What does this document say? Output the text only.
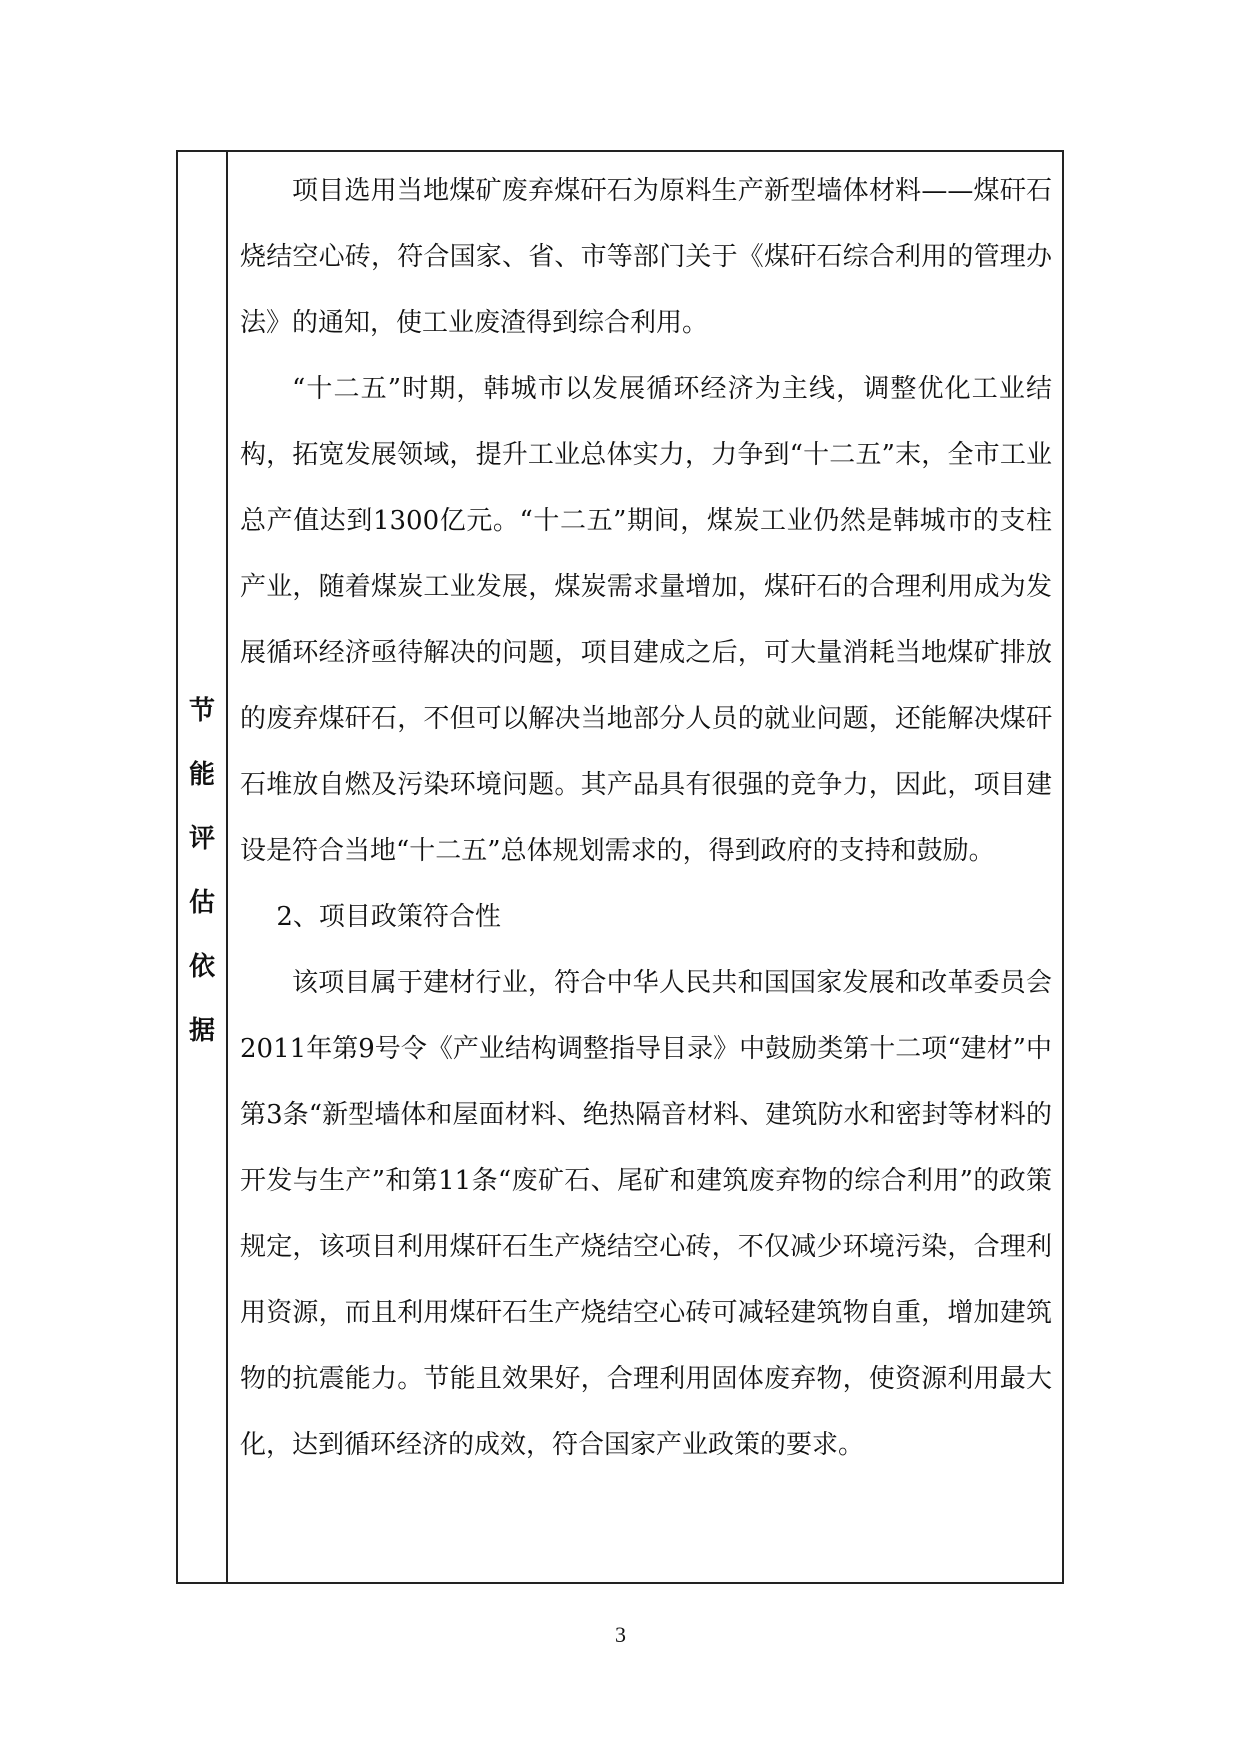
节
能
评
估
依
据

项目选用当地煤矿废弃煤矸石为原料生产新型墙体材料——煤矸石烧结空心砖，符合国家、省、市等部门关于《煤矸石综合利用的管理办法》的通知，使工业废渣得到综合利用。

“十二五”时期，韩城市以发展循环经济为主线，调整优化工业结构，拓宽发展领域，提升工业总体实力，力争到“十二五”末，全市工业总产值达到1300亿元。“十二五”期间，煤炭工业仍然是韩城市的支柱产业，随着煤炭工业发展，煤炭需求量增加，煤矸石的合理利用成为发展循环经济亟待解决的问题，项目建成之后，可大量消耗当地煤矿排放的废弃煤矸石，不但可以解决当地部分人员的就业问题，还能解决煤矸石堆放自燃及污染环境问题。其产品具有很强的竞争力，因此，项目建设是符合当地“十二五”总体规划需求的，得到政府的支持和鼓励。

2、项目政策符合性

该项目属于建材行业，符合中华人民共和国国家发展和改革委员会2011年第9号令《产业结构调整指导目录》中鼓励类第十二项“建材”中第3条“新型墙体和屋面材料、绝热隔音材料、建筑防水和密封等材料的开发与生产”和第11条“废矿石、尾矿和建筑废弃物的综合利用”的政策规定，该项目利用煤矸石生产烧结空心砖，不仅减少环境污染，合理利用资源，而且利用煤矸石生产烧结空心砖可减轻建筑物自重，增加建筑物的抗震能力。节能且效果好，合理利用固体废弃物，使资源利用最大化，达到循环经济的成效，符合国家产业政策的要求。

3
